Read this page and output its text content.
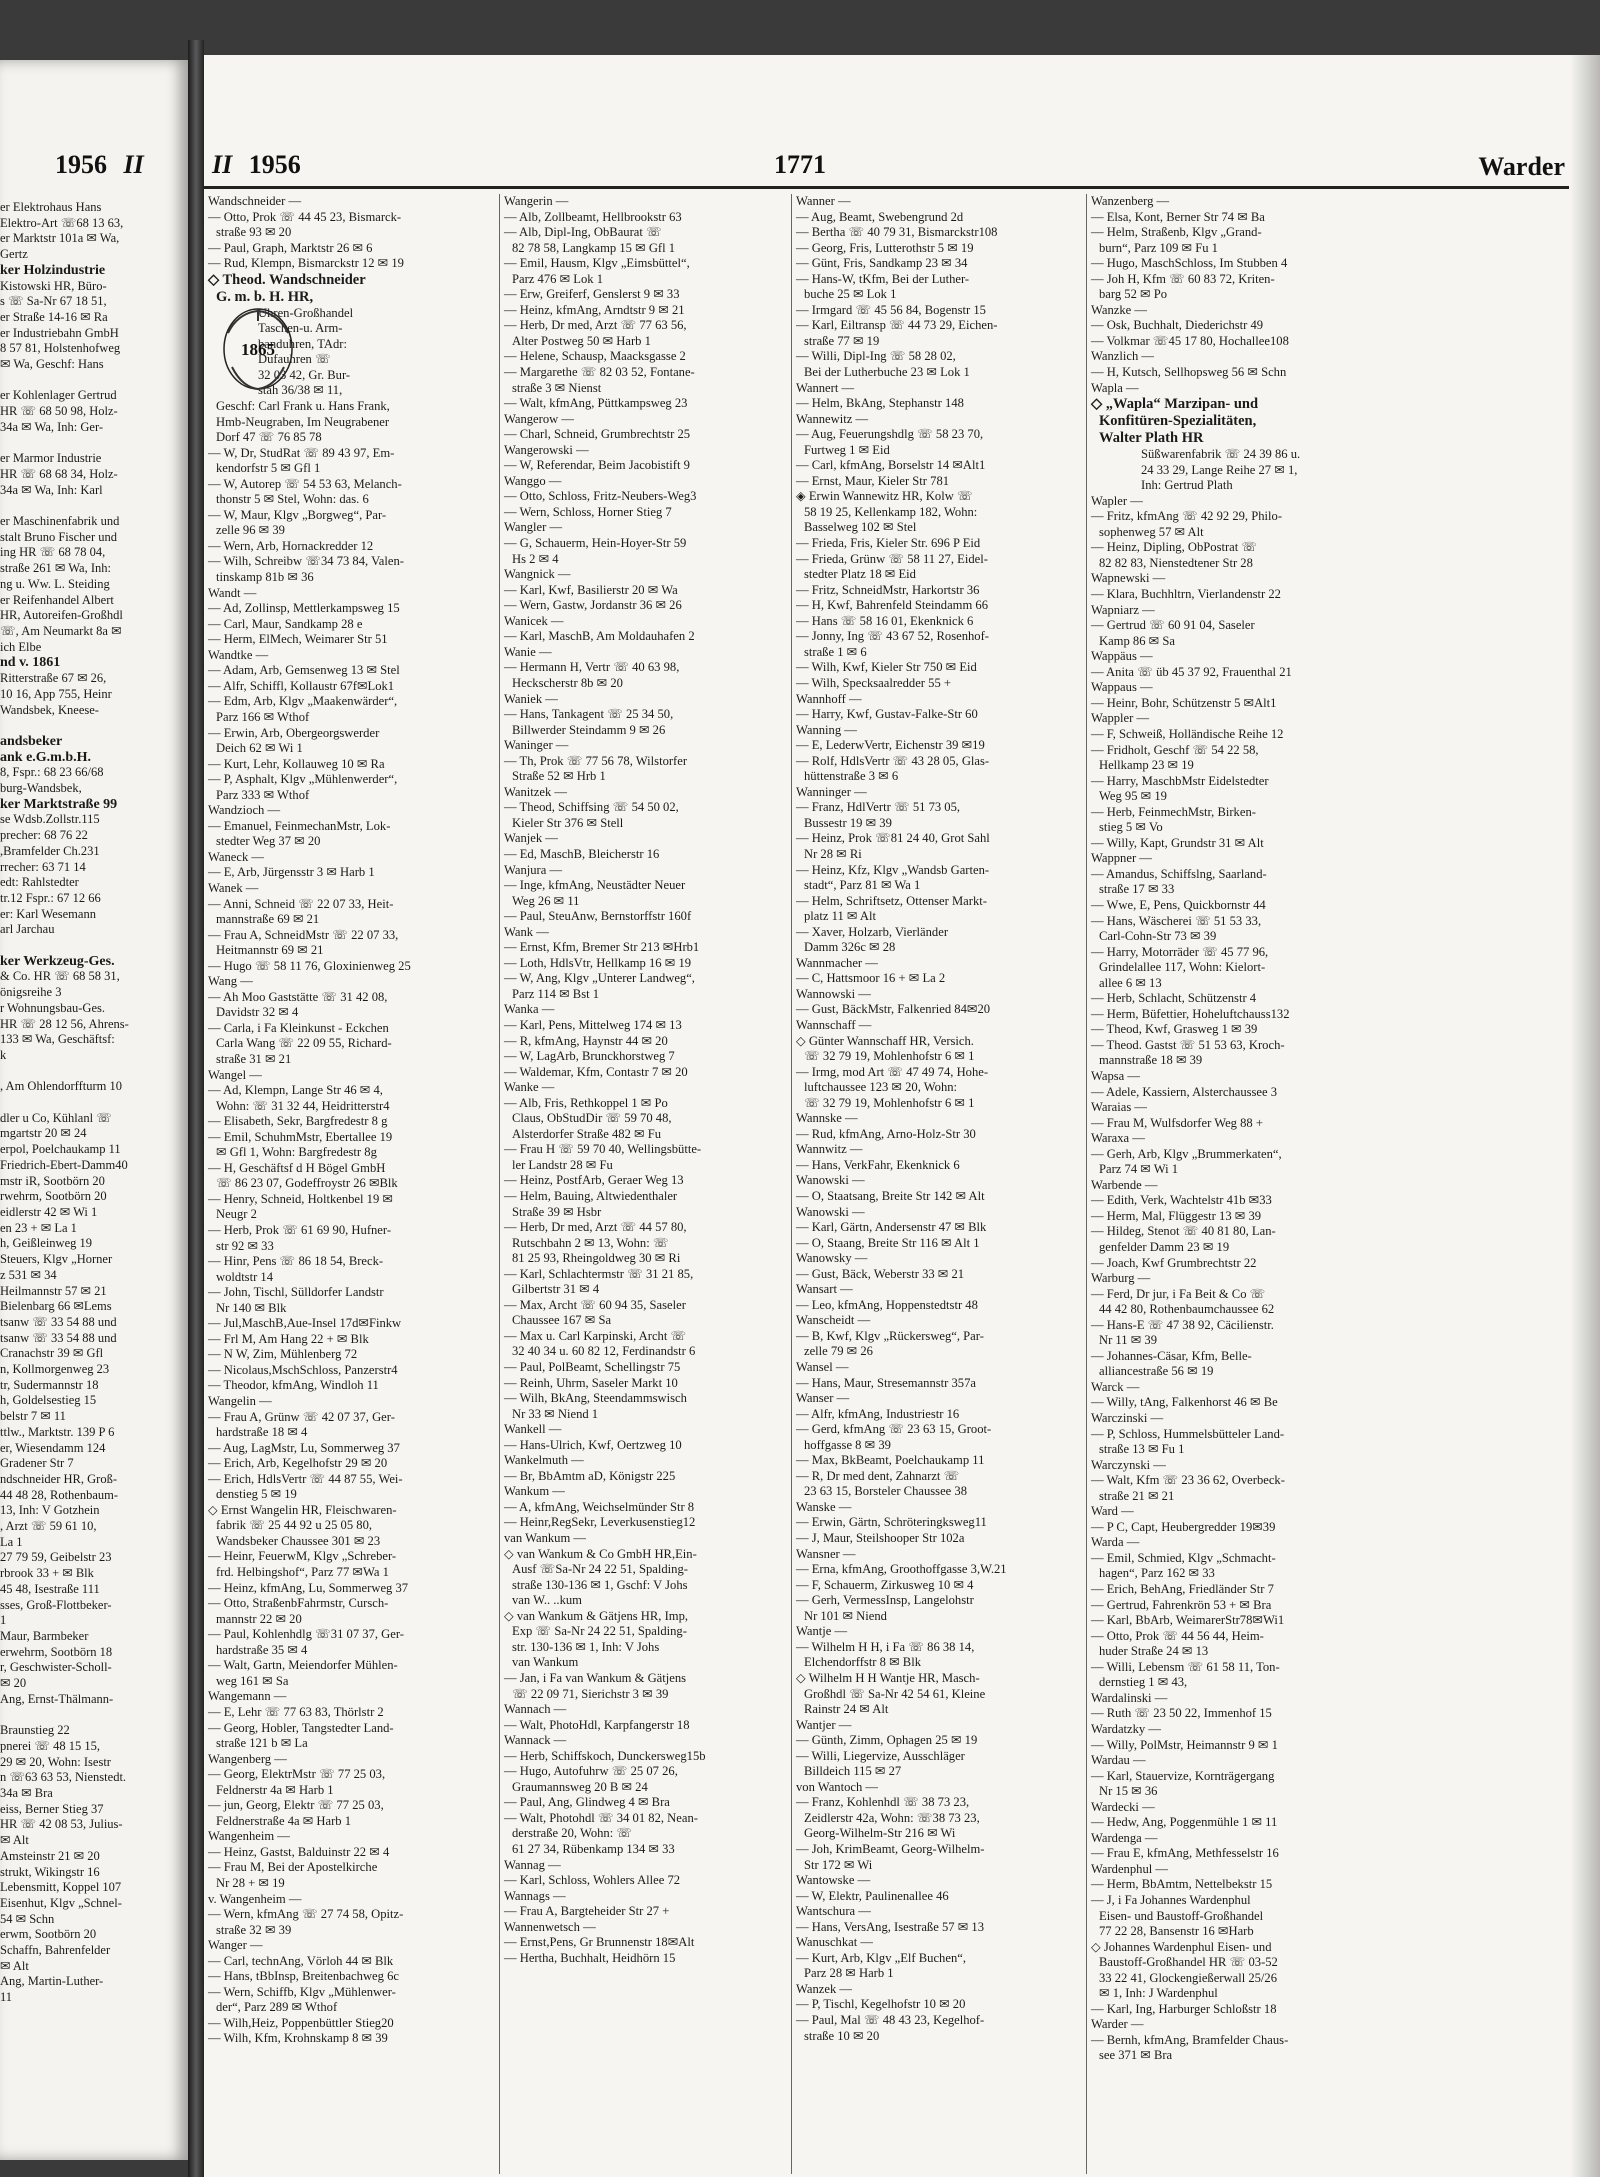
1956 II
er Elektrohaus Hans
Elektro-Art ☏68 13 63,
er Marktstr 101a ✉ Wa,
Gertz
ker Holzindustrie
Kistowski HR, Büro-
s ☏ Sa-Nr 67 18 51,
er Straße 14-16 ✉ Ra
er Industriebahn GmbH
8 57 81, Holstenhofweg
✉ Wa, Geschf: Hans

er Kohlenlager Gertrud
HR ☏ 68 50 98, Holz-
34a ✉ Wa, Inh: Ger-

er Marmor Industrie
HR ☏ 68 68 34, Holz-
34a ✉ Wa, Inh: Karl

er Maschinenfabrik und
stalt Bruno Fischer und
ing HR ☏ 68 78 04,
straße 261 ✉ Wa, Inh:
ng u. Ww. L. Steiding
er Reifenhandel Albert
HR, Autoreifen-Großhdl
☏, Am Neumarkt 8a ✉
ich Elbe
nd v. 1861
Ritterstraße 67 ✉ 26,
10 16, App 755, Heinr
Wandsbek, Kneese-

andsbeker
ank e.G.m.b.H.
8, Fspr.: 68 23 66/68
burg-Wandsbek,
ker Marktstraße 99
se Wdsb.Zollstr.115
precher: 68 76 22
,Bramfelder Ch.231
rrecher: 63 71 14
edt: Rahlstedter
tr.12 Fspr.: 67 12 66
er: Karl Wesemann
arl Jarchau

ker Werkzeug-Ges.
& Co. HR ☏ 68 58 31,
önigsreihe 3
r Wohnungsbau-Ges.
HR ☏ 28 12 56, Ahrens-
133 ✉ Wa, Geschäftsf:
k

, Am Ohlendorffturm 10

dler u Co, Kühlanl ☏
mgartstr 20 ✉ 24
erpol, Poelchaukamp 11
Friedrich-Ebert-Damm40
mstr iR, Sootbörn 20
rwehrm, Sootbörn 20
eidlerstr 42 ✉ Wi 1
en 23 + ✉ La 1
h, Geißleinweg 19
Steuers, Klgv „Horner
z 531 ✉ 34
Heilmannstr 57 ✉ 21
Bielenbarg 66 ✉Lems
tsanw ☏ 33 54 88 und
tsanw ☏ 33 54 88 und
Cranachstr 39 ✉ Gfl
n, Kollmorgenweg 23
tr, Sudermannstr 18
h, Goldelsestieg 15
belstr 7 ✉ 11
ttlw., Marktstr. 139 P 6
er, Wiesendamm 124
Gradener Str 7
ndschneider HR, Groß-
44 48 28, Rothenbaum-
13, Inh: V Gotzhein
, Arzt ☏ 59 61 10,
La 1
27 79 59, Geibelstr 23
rbrook 33 + ✉ Blk
45 48, Isestraße 111
sses, Groß-Flottbeker-
1
Maur, Barmbeker
erwehrm, Sootbörn 18
r, Geschwister-Scholl-
✉ 20
Ang, Ernst-Thälmann-

Braunstieg 22
pnerei ☏ 48 15 15,
29 ✉ 20, Wohn: Isestr
n ☏63 63 53, Nienstedt.
34a ✉ Bra
eiss, Berner Stieg 37
HR ☏ 42 08 53, Julius-
✉ Alt
Amsteinstr 21 ✉ 20
strukt, Wikingstr 16
Lebensmitt, Koppel 107
Eisenhut, Klgv „Schnel-
54 ✉ Schn
erwm, Sootbörn 20
Schaffn, Bahrenfelder
✉ Alt
Ang, Martin-Luther-
11
II 1956	1771	Warder
Wandschneider —
— Otto, Prok ☏ 44 45 23, Bismarck-
straße 93 ✉ 20
— Paul, Graph, Marktstr 26 ✉ 6
— Rud, Klempn, Bismarckstr 12 ✉ 19
◇ Theod. Wandschneider
G. m. b. H. HR,
Uhren-Großhandel
Taschen-u. Arm-
banduhren, TAdr:
Dufauhren ☏
32 03 42, Gr. Bur-
stah 36/38 ✉ 11,
Geschf: Carl Frank u. Hans Frank,
Hmb-Neugraben, Im Neugrabener
Dorf 47 ☏ 76 85 78
— W, Dr, StudRat ☏ 89 43 97, Em-
kendorfstr 5 ✉ Gfl 1
— W, Autorep ☏ 54 53 63, Melanch-
thonstr 5 ✉ Stel, Wohn: das. 6
— W, Maur, Klgv „Borgweg“, Par-
zelle 96 ✉ 39
— Wern, Arb, Hornackredder 12
— Wilh, Schreibw ☏34 73 84, Valen-
tinskamp 81b ✉ 36
Wandt —
— Ad, Zollinsp, Mettlerkampsweg 15
— Carl, Maur, Sandkamp 28 e
— Herm, ElMech, Weimarer Str 51
Wandtke —
— Adam, Arb, Gemsenweg 13 ✉ Stel
— Alfr, Schiffl, Kollaustr 67f✉Lok1
— Edm, Arb, Klgv „Maakenwärder“,
Parz 166 ✉ Wthof
— Erwin, Arb, Obergeorgswerder
Deich 62 ✉ Wi 1
— Kurt, Lehr, Kollauweg 10 ✉ Ra
— P, Asphalt, Klgv „Mühlenwerder“,
Parz 333 ✉ Wthof
Wandzioch —
— Emanuel, FeinmechanMstr, Lok-
stedter Weg 37 ✉ 20
Waneck —
— E, Arb, Jürgensstr 3 ✉ Harb 1
Wanek —
— Anni, Schneid ☏ 22 07 33, Heit-
mannstraße 69 ✉ 21
— Frau A, SchneidMstr ☏ 22 07 33,
Heitmannstr 69 ✉ 21
— Hugo ☏ 58 11 76, Gloxinienweg 25
Wang —
— Ah Moo Gaststätte ☏ 31 42 08,
Davidstr 32 ✉ 4
— Carla, i Fa Kleinkunst - Eckchen
Carla Wang ☏ 22 09 55, Richard-
straße 31 ✉ 21
Wangel —
— Ad, Klempn, Lange Str 46 ✉ 4,
Wohn: ☏ 31 32 44, Heidritterstr4
— Elisabeth, Sekr, Bargfredestr 8 g
— Emil, SchuhmMstr, Ebertallee 19
✉ Gfl 1, Wohn: Bargfredestr 8g
— H, Geschäftsf d H Bögel GmbH
☏ 86 23 07, Godeffroystr 26 ✉Blk
— Henry, Schneid, Holtkenbel 19 ✉
Neugr 2
— Herb, Prok ☏ 61 69 90, Hufner-
str 92 ✉ 33
— Hinr, Pens ☏ 86 18 54, Breck-
woldtstr 14
— John, Tischl, Sülldorfer Landstr
Nr 140 ✉ Blk
— Jul,MaschB,Aue-Insel 17d✉Finkw
— Frl M, Am Hang 22 + ✉ Blk
— N W, Zim, Mühlenberg 72
— Nicolaus,MschSchloss, Panzerstr4
— Theodor, kfmAng, Windloh 11
Wangelin —
— Frau A, Grünw ☏ 42 07 37, Ger-
hardstraße 18 ✉ 4
— Aug, LagMstr, Lu, Sommerweg 37
— Erich, Arb, Kegelhofstr 29 ✉ 20
— Erich, HdlsVertr ☏ 44 87 55, Wei-
denstieg 5 ✉ 19
◇ Ernst Wangelin HR, Fleischwaren-
fabrik ☏ 25 44 92 u 25 05 80,
Wandsbeker Chaussee 301 ✉ 23
— Heinr, FeuerwM, Klgv „Schreber-
frd. Helbingshof“, Parz 77 ✉Wa 1
— Heinz, kfmAng, Lu, Sommerweg 37
— Otto, StraßenbFahrmstr, Cursch-
mannstr 22 ✉ 20
— Paul, Kohlenhdlg ☏31 07 37, Ger-
hardstraße 35 ✉ 4
— Walt, Gartn, Meiendorfer Mühlen-
weg 161 ✉ Sa
Wangemann —
— E, Lehr ☏ 77 63 83, Thörlstr 2
— Georg, Hobler, Tangstedter Land-
straße 121 b ✉ La
Wangenberg —
— Georg, ElektrMstr ☏ 77 25 03,
Feldnerstr 4a ✉ Harb 1
— jun, Georg, Elektr ☏ 77 25 03,
Feldnerstraße 4a ✉ Harb 1
Wangenheim —
— Heinz, Gastst, Balduinstr 22 ✉ 4
— Frau M, Bei der Apostelkirche
Nr 28 + ✉ 19
v. Wangenheim —
— Wern, kfmAng ☏ 27 74 58, Opitz-
straße 32 ✉ 39
Wanger —
— Carl, technAng, Vörloh 44 ✉ Blk
— Hans, tBbInsp, Breitenbachweg 6c
— Wern, Schiffb, Klgv „Mühlenwer-
der“, Parz 289 ✉ Wthof
— Wilh,Heiz, Poppenbüttler Stieg20
— Wilh, Kfm, Krohnskamp 8 ✉ 39
1865
Wangerin —
— Alb, Zollbeamt, Hellbrookstr 63
— Alb, Dipl-Ing, ObBaurat ☏
82 78 58, Langkamp 15 ✉ Gfl 1
— Emil, Hausm, Klgv „Eimsbüttel“,
Parz 476 ✉ Lok 1
— Erw, Greiferf, Genslerst 9 ✉ 33
— Heinz, kfmAng, Arndtstr 9 ✉ 21
— Herb, Dr med, Arzt ☏ 77 63 56,
Alter Postweg 50 ✉ Harb 1
— Helene, Schausp, Maacksgasse 2
— Margarethe ☏ 82 03 52, Fontane-
straße 3 ✉ Nienst
— Walt, kfmAng, Püttkampsweg 23
Wangerow —
— Charl, Schneid, Grumbrechtstr 25
Wangerowski —
— W, Referendar, Beim Jacobistift 9
Wanggo —
— Otto, Schloss, Fritz-Neubers-Weg3
— Wern, Schloss, Horner Stieg 7
Wangler —
— G, Schauerm, Hein-Hoyer-Str 59
Hs 2 ✉ 4
Wangnick —
— Karl, Kwf, Basilierstr 20 ✉ Wa
— Wern, Gastw, Jordanstr 36 ✉ 26
Wanicek —
— Karl, MaschB, Am Moldauhafen 2
Wanie —
— Hermann H, Vertr ☏ 40 63 98,
Heckscherstr 8b ✉ 20
Waniek —
— Hans, Tankagent ☏ 25 34 50,
Billwerder Steindamm 9 ✉ 26
Waninger —
— Th, Prok ☏ 77 56 78, Wilstorfer
Straße 52 ✉ Hrb 1
Wanitzek —
— Theod, Schiffsing ☏ 54 50 02,
Kieler Str 376 ✉ Stell
Wanjek —
— Ed, MaschB, Bleicherstr 16
Wanjura —
— Inge, kfmAng, Neustädter Neuer
Weg 26 ✉ 11
— Paul, SteuAnw, Bernstorffstr 160f
Wank —
— Ernst, Kfm, Bremer Str 213 ✉Hrb1
— Loth, HdlsVtr, Hellkamp 16 ✉ 19
— W, Ang, Klgv „Unterer Landweg“,
Parz 114 ✉ Bst 1
Wanka —
— Karl, Pens, Mittelweg 174 ✉ 13
— R, kfmAng, Haynstr 44 ✉ 20
— W, LagArb, Brunckhorstweg 7
— Waldemar, Kfm, Contastr 7 ✉ 20
Wanke —
— Alb, Fris, Rethkoppel 1 ✉ Po
Claus, ObStudDir ☏ 59 70 48,
Alsterdorfer Straße 482 ✉ Fu
— Frau H ☏ 59 70 40, Wellingsbütte-
ler Landstr 28 ✉ Fu
— Heinz, PostfArb, Geraer Weg 13
— Helm, Bauing, Altwiedenthaler
Straße 39 ✉ Hsbr
— Herb, Dr med, Arzt ☏ 44 57 80,
Rutschbahn 2 ✉ 13, Wohn: ☏
81 25 93, Rheingoldweg 30 ✉ Ri
— Karl, Schlachtermstr ☏ 31 21 85,
Gilbertstr 31 ✉ 4
— Max, Archt ☏ 60 94 35, Saseler
Chaussee 167 ✉ Sa
— Max u. Carl Karpinski, Archt ☏
32 40 34 u. 60 82 12, Ferdinandstr 6
— Paul, PolBeamt, Schellingstr 75
— Reinh, Uhrm, Saseler Markt 10
— Wilh, BkAng, Steendammswisch
Nr 33 ✉ Niend 1
Wankell —
— Hans-Ulrich, Kwf, Oertzweg 10
Wankelmuth —
— Br, BbAmtm aD, Königstr 225
Wankum —
— A, kfmAng, Weichselmünder Str 8
— Heinr,RegSekr, Leverkusenstieg12
van Wankum —
◇ van Wankum & Co GmbH HR,Ein-
Ausf ☏Sa-Nr 24 22 51, Spalding-
straße 130-136 ✉ 1, Gschf: V Johs
van W.. ..kum
◇ van Wankum & Gätjens HR, Imp,
Exp ☏ Sa-Nr 24 22 51, Spalding-
str. 130-136 ✉ 1, Inh: V Johs
van Wankum
— Jan, i Fa van Wankum & Gätjens
☏ 22 09 71, Sierichstr 3 ✉ 39
Wannach —
— Walt, PhotoHdl, Karpfangerstr 18
Wannack —
— Herb, Schiffskoch, Dunckersweg15b
— Hugo, Autofuhrw ☏ 25 07 26,
Graumannsweg 20 B ✉ 24
— Paul, Ang, Glindweg 4 ✉ Bra
— Walt, Photohdl ☏ 34 01 82, Nean-
derstraße 20, Wohn: ☏
61 27 34, Rübenkamp 134 ✉ 33
Wannag —
— Karl, Schloss, Wohlers Allee 72
Wannags —
— Frau A, Bargteheider Str 27 +
Wannenwetsch —
— Ernst,Pens, Gr Brunnenstr 18✉Alt
— Hertha, Buchhalt, Heidhörn 15
Wanner —
— Aug, Beamt, Swebengrund 2d
— Bertha ☏ 40 79 31, Bismarckstr108
— Georg, Fris, Lutterothstr 5 ✉ 19
— Günt, Fris, Sandkamp 23 ✉ 34
— Hans-W, tKfm, Bei der Luther-
buche 25 ✉ Lok 1
— Irmgard ☏ 45 56 84, Bogenstr 15
— Karl, Eiltransp ☏ 44 73 29, Eichen-
straße 77 ✉ 19
— Willi, Dipl-Ing ☏ 58 28 02,
Bei der Lutherbuche 23 ✉ Lok 1
Wannert —
— Helm, BkAng, Stephanstr 148
Wannewitz —
— Aug, Feuerungshdlg ☏ 58 23 70,
Furtweg 1 ✉ Eid
— Carl, kfmAng, Borselstr 14 ✉Alt1
— Ernst, Maur, Kieler Str 781
◈ Erwin Wannewitz HR, Kolw ☏
58 19 25, Kellenkamp 182, Wohn:
Basselweg 102 ✉ Stel
— Frieda, Fris, Kieler Str. 696 P Eid
— Frieda, Grünw ☏ 58 11 27, Eidel-
stedter Platz 18 ✉ Eid
— Fritz, SchneidMstr, Harkortstr 36
— H, Kwf, Bahrenfeld Steindamm 66
— Hans ☏ 58 16 01, Ekenknick 6
— Jonny, Ing ☏ 43 67 52, Rosenhof-
straße 1 ✉ 6
— Wilh, Kwf, Kieler Str 750 ✉ Eid
— Wilh, Specksaalredder 55 +
Wannhoff —
— Harry, Kwf, Gustav-Falke-Str 60
Wanning —
— E, LederwVertr, Eichenstr 39 ✉19
— Rolf, HdlsVertr ☏ 43 28 05, Glas-
hüttenstraße 3 ✉ 6
Wanninger —
— Franz, HdlVertr ☏ 51 73 05,
Bussestr 19 ✉ 39
— Heinz, Prok ☏81 24 40, Grot Sahl
Nr 28 ✉ Ri
— Heinz, Kfz, Klgv „Wandsb Garten-
stadt“, Parz 81 ✉ Wa 1
— Helm, Schriftsetz, Ottenser Markt-
platz 11 ✉ Alt
— Xaver, Holzarb, Vierländer
Damm 326c ✉ 28
Wannmacher —
— C, Hattsmoor 16 + ✉ La 2
Wannowski —
— Gust, BäckMstr, Falkenried 84✉20
Wannschaff —
◇ Günter Wannschaff HR, Versich.
☏ 32 79 19, Mohlenhofstr 6 ✉ 1
— Irmg, mod Art ☏ 47 49 74, Hohe-
luftchaussee 123 ✉ 20, Wohn:
☏ 32 79 19, Mohlenhofstr 6 ✉ 1
Wannske —
— Rud, kfmAng, Arno-Holz-Str 30
Wannwitz —
— Hans, VerkFahr, Ekenknick 6
Wanowski —
— O, Staatsang, Breite Str 142 ✉ Alt
Wanowski —
— Karl, Gärtn, Andersenstr 47 ✉ Blk
— O, Staang, Breite Str 116 ✉ Alt 1
Wanowsky —
— Gust, Bäck, Weberstr 33 ✉ 21
Wansart —
— Leo, kfmAng, Hoppenstedtstr 48
Wanscheidt —
— B, Kwf, Klgv „Rückersweg“, Par-
zelle 79 ✉ 26
Wansel —
— Hans, Maur, Stresemannstr 357a
Wanser —
— Alfr, kfmAng, Industriestr 16
— Gerd, kfmAng ☏ 23 63 15, Groot-
hoffgasse 8 ✉ 39
— Max, BkBeamt, Poelchaukamp 11
— R, Dr med dent, Zahnarzt ☏
23 63 15, Borsteler Chaussee 38
Wanske —
— Erwin, Gärtn, Schröteringksweg11
— J, Maur, Steilshooper Str 102a
Wansner —
— Erna, kfmAng, Groothoffgasse 3,W.21
— F, Schauerm, Zirkusweg 10 ✉ 4
— Gerh, VermessInsp, Langelohstr
Nr 101 ✉ Niend
Wantje —
— Wilhelm H H, i Fa ☏ 86 38 14,
Elchendorffstr 8 ✉ Blk
◇ Wilhelm H H Wantje HR, Masch-
Großhdl ☏ Sa-Nr 42 54 61, Kleine
Rainstr 24 ✉ Alt
Wantjer —
— Günth, Zimm, Ophagen 25 ✉ 19
— Willi, Liegervize, Ausschläger
Billdeich 115 ✉ 27
von Wantoch —
— Franz, Kohlenhdl ☏ 38 73 23,
Zeidlerstr 42a, Wohn: ☏38 73 23,
Georg-Wilhelm-Str 216 ✉ Wi
— Joh, KrimBeamt, Georg-Wilhelm-
Str 172 ✉ Wi
Wantowske —
— W, Elektr, Paulinenallee 46
Wantschura —
— Hans, VersAng, Isestraße 57 ✉ 13
Wanuschkat —
— Kurt, Arb, Klgv „Elf Buchen“,
Parz 28 ✉ Harb 1
Wanzek —
— P, Tischl, Kegelhofstr 10 ✉ 20
— Paul, Mal ☏ 48 43 23, Kegelhof-
straße 10 ✉ 20
Wanzenberg —
— Elsa, Kont, Berner Str 74 ✉ Ba
— Helm, Straßenb, Klgv „Grand-
burn“, Parz 109 ✉ Fu 1
— Hugo, MaschSchloss, Im Stubben 4
— Joh H, Kfm ☏ 60 83 72, Kriten-
barg 52 ✉ Po
Wanzke —
— Osk, Buchhalt, Diederichstr 49
— Volkmar ☏45 17 80, Hochallee108
Wanzlich —
— H, Kutsch, Sellhopsweg 56 ✉ Schn
Wapla —
◇ „Wapla“ Marzipan- und
Konfitüren-Spezialitäten,
Walter Plath HR
Süßwarenfabrik ☏ 24 39 86 u.
24 33 29, Lange Reihe 27 ✉ 1,
Inh: Gertrud Plath
Wapler —
— Fritz, kfmAng ☏ 42 92 29, Philo-
sophenweg 57 ✉ Alt
— Heinz, Dipling, ObPostrat ☏
82 82 83, Nienstedtener Str 28
Wapnewski —
— Klara, Buchhltrn, Vierlandenstr 22
Wapniarz —
— Gertrud ☏ 60 91 04, Saseler
Kamp 86 ✉ Sa
Wappäus —
— Anita ☏ üb 45 37 92, Frauenthal 21
Wappaus —
— Heinr, Bohr, Schützenstr 5 ✉Alt1
Wappler —
— F, Schweiß, Holländische Reihe 12
— Fridholt, Geschf ☏ 54 22 58,
Hellkamp 23 ✉ 19
— Harry, MaschbMstr Eidelstedter
Weg 95 ✉ 19
— Herb, FeinmechMstr, Birken-
stieg 5 ✉ Vo
— Willy, Kapt, Grundstr 31 ✉ Alt
Wappner —
— Amandus, Schiffslng, Saarland-
straße 17 ✉ 33
— Wwe, E, Pens, Quickbornstr 44
— Hans, Wäscherei ☏ 51 53 33,
Carl-Cohn-Str 73 ✉ 39
— Harry, Motorräder ☏ 45 77 96,
Grindelallee 117, Wohn: Kielort-
allee 6 ✉ 13
— Herb, Schlacht, Schützenstr 4
— Herm, Büfettier, Hoheluftchauss132
— Theod, Kwf, Grasweg 1 ✉ 39
— Theod. Gastst ☏ 51 53 63, Kroch-
mannstraße 18 ✉ 39
Wapsa —
— Adele, Kassiern, Alsterchaussee 3
Waraias —
— Frau M, Wulfsdorfer Weg 88 +
Waraxa —
— Gerh, Arb, Klgv „Brummerkaten“,
Parz 74 ✉ Wi 1
Warbende —
— Edith, Verk, Wachtelstr 41b ✉33
— Herm, Mal, Flüggestr 13 ✉ 39
— Hildeg, Stenot ☏ 40 81 80, Lan-
genfelder Damm 23 ✉ 19
— Joach, Kwf Grumbrechtstr 22
Warburg —
— Ferd, Dr jur, i Fa Beit & Co ☏
44 42 80, Rothenbaumchaussee 62
— Hans-E ☏ 47 38 92, Cäcilienstr.
Nr 11 ✉ 39
— Johannes-Cäsar, Kfm, Belle-
alliancestraße 56 ✉ 19
Warck —
— Willy, tAng, Falkenhorst 46 ✉ Be
Warczinski —
— P, Schloss, Hummelsbütteler Land-
straße 13 ✉ Fu 1
Warczynski —
— Walt, Kfm ☏ 23 36 62, Overbeck-
straße 21 ✉ 21
Ward —
— P C, Capt, Heubergredder 19✉39
Warda —
— Emil, Schmied, Klgv „Schmacht-
hagen“, Parz 162 ✉ 33
— Erich, BehAng, Friedländer Str 7
— Gertrud, Fahrenkrön 53 + ✉ Bra
— Karl, BbArb, WeimarerStr78✉Wi1
— Otto, Prok ☏ 44 56 44, Heim-
huder Straße 24 ✉ 13
— Willi, Lebensm ☏ 61 58 11, Ton-
dernstieg 1 ✉ 43,
Wardalinski —
— Ruth ☏ 23 50 22, Immenhof 15
Wardatzky —
— Willy, PolMstr, Heimannstr 9 ✉ 1
Wardau —
— Karl, Stauervize, Kornträgergang
Nr 15 ✉ 36
Wardecki —
— Hedw, Ang, Poggenmühle 1 ✉ 11
Wardenga —
— Frau E, kfmAng, Methfesselstr 16
Wardenphul —
— Herm, BbAmtm, Nettelbekstr 15
— J, i Fa Johannes Wardenphul
Eisen- und Baustoff-Großhandel
77 22 28, Bansenstr 16 ✉Harb
◇ Johannes Wardenphul Eisen- und
Baustoff-Großhandel HR ☏ 03-52
33 22 41, Glockengießerwall 25/26
✉ 1, Inh: J Wardenphul
— Karl, Ing, Harburger Schloßstr 18
Warder —
— Bernh, kfmAng, Bramfelder Chaus-
see 371 ✉ Bra
